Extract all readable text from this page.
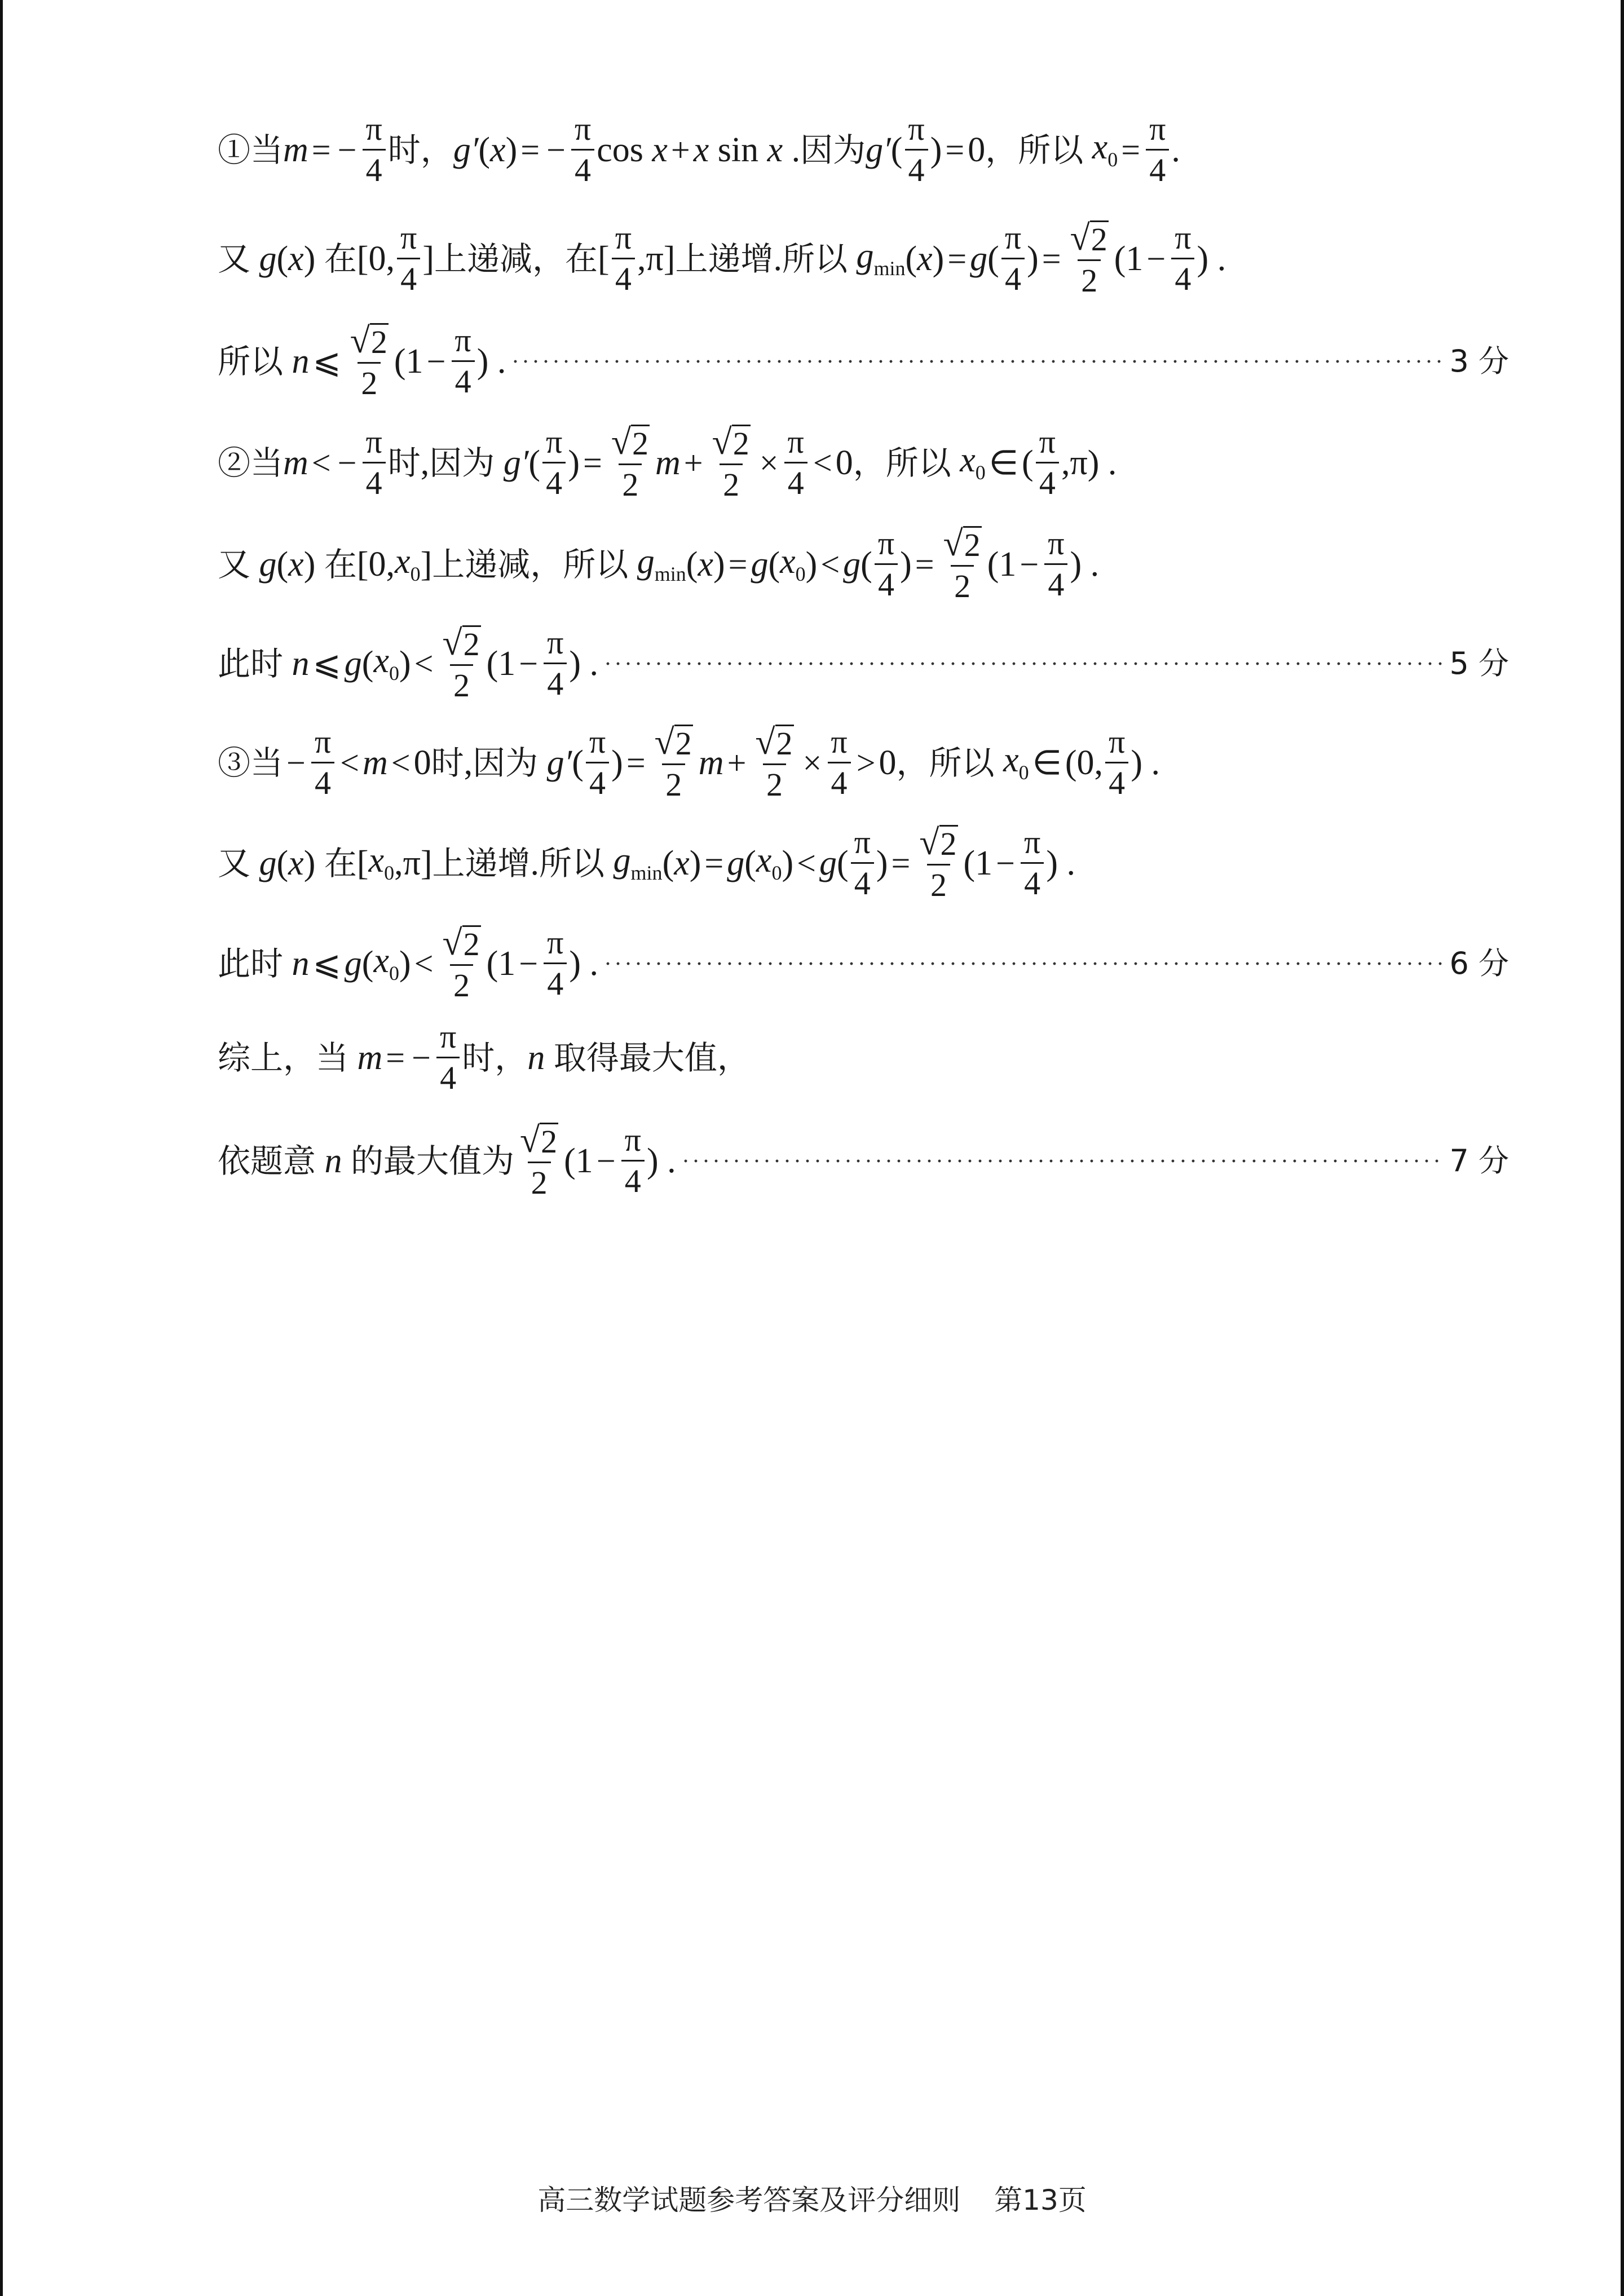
①当 m = − $\frac{\pi}{4}$ 时 ， g′ ( x ) = − $\frac{\pi}{4}$ cos x + x sin x . 因为 g′ ( $\frac{\pi}{4}$ ) = 0 ， 所以 $x_0 = \frac{\pi}{4}$ .
又 g ( x ) 在 [0, $\frac{\pi}{4}$ ] 上递减 ， 在 [ $\frac{\pi}{4} ,\pi$] 上递增 . 所以 $g_{min}$ ( x ) = g ( $\frac{\pi}{4}$ ) = $\frac{√ 2}{2} (1 - \frac{\pi}{4}$ ) .
所以 n ⩽ $\frac{√ 2}{2} (1 - \frac{\pi}{4}$ ) .	3 分
②当 m < − $\frac{\pi}{4}$ 时 , 因为 g′ ( $\frac{\pi}{4}$ ) = $\frac{√ 2}{2}$ $m + \frac{√ 2}{2} \times \frac{\pi}{4} < 0$ ， 所以 $x_0$ ∈ ( $\frac{\pi}{4} ,\pi$) .
又 g ( x ) 在 [0, $x_0$ ] 上递减 ， 所以 $g_{min}$ ( x ) = g ( $x_0$ ) < g ( $\frac{\pi}{4}$ ) = $\frac{√ 2}{2} (1 - \frac{\pi}{4}$ ) .
此时 n ⩽ g ( $x_0$ ) < $\frac{√ 2}{2} (1 - \frac{\pi}{4}$ ) .	5 分
③当 − $\frac{\pi}{4} < m < 0$ 时 , 因为 g′ ( $\frac{\pi}{4}$ ) = $\frac{√ 2}{2}$ $m + \frac{√ 2}{2} \times \frac{\pi}{4} > 0$ ， 所以 $x_0$ ∈ (0, $\frac{\pi}{4}$ ) .
又 g ( x ) 在 [ $x_0$ ,π] 上递增 . 所以 $g_{min}$ ( x ) = g ( $x_0$ ) < g ( $\frac{\pi}{4}$ ) = $\frac{√ 2}{2} (1 - \frac{\pi}{4}$ ) .
此时 n ⩽ g ( $x_0$ ) < $\frac{√ 2}{2} (1 - \frac{\pi}{4}$ ) .	6 分
综上，当 m = − $\frac{\pi}{4}$ 时 ， n 取得最大值，
依题意 n 的最大值为 $\frac{√ 2}{2} (1 - \frac{\pi}{4}$ ) .	7 分
高三数学试题参考答案及评分细则 第13页
